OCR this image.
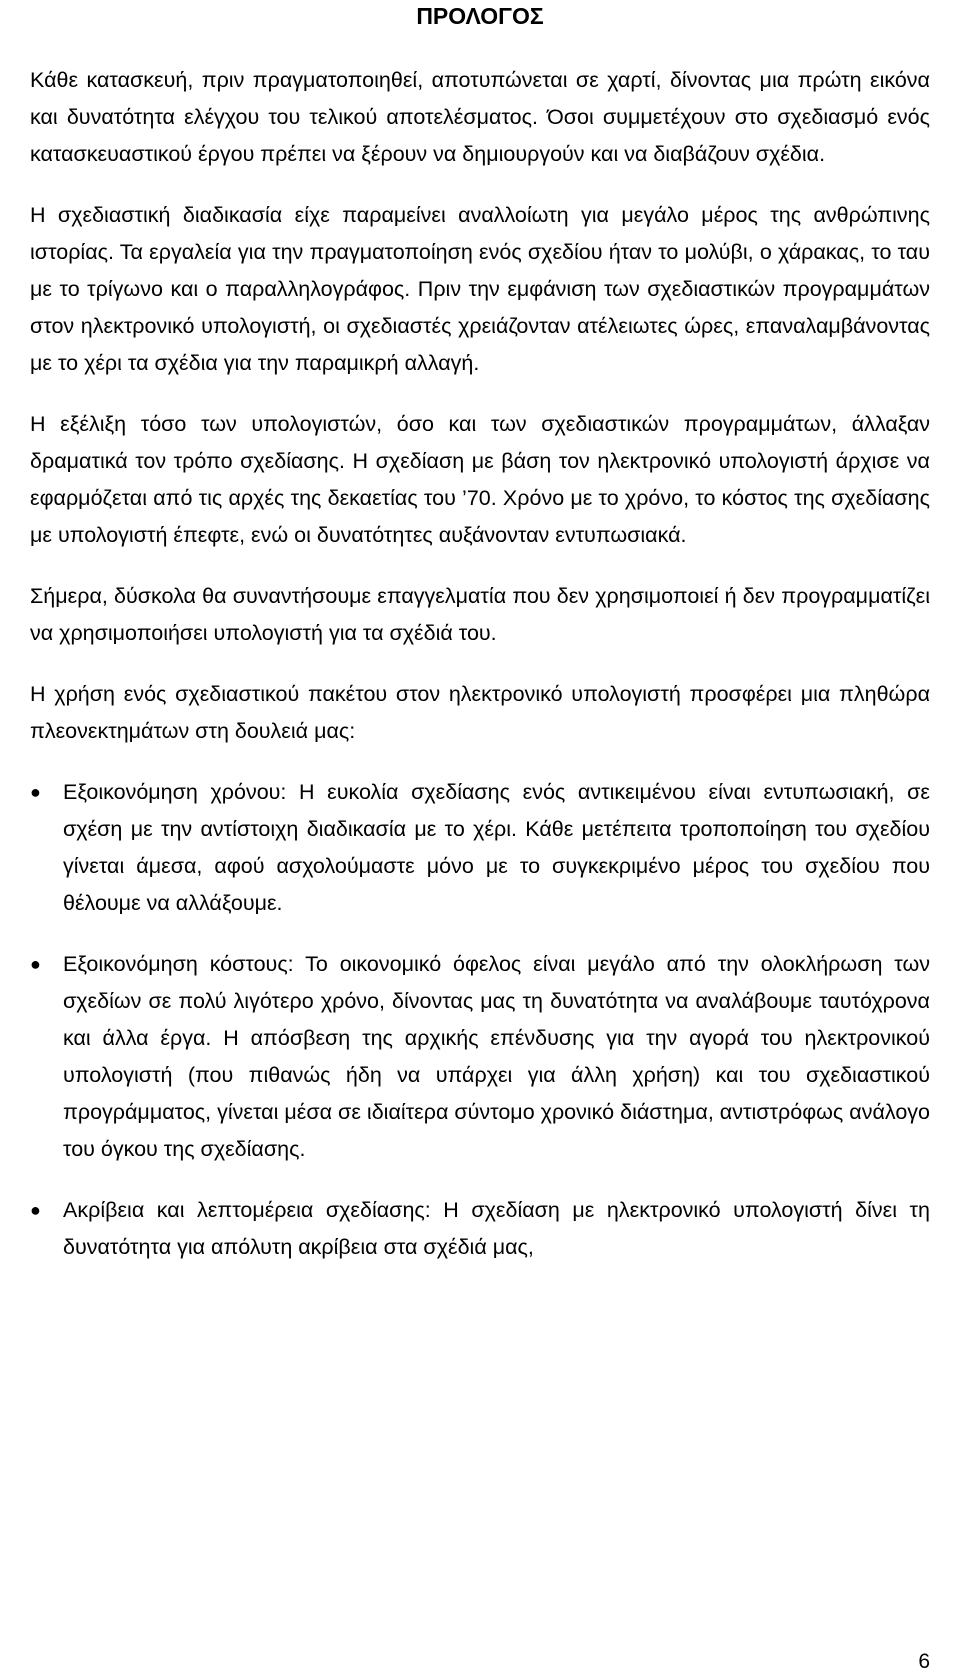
ΠΡΟΛΟΓΟΣ

Κάθε κατασκευή, πριν πραγματοποιηθεί, αποτυπώνεται σε χαρτί, δίνοντας μια πρώτη εικόνα και δυνατότητα ελέγχου του τελικού αποτελέσματος. Όσοι συμμετέχουν στο σχεδιασμό ενός κατασκευαστικού έργου πρέπει να ξέρουν να δημιουργούν και να διαβάζουν σχέδια.

Η σχεδιαστική διαδικασία είχε παραμείνει αναλλοίωτη για μεγάλο μέρος της ανθρώπινης ιστορίας. Τα εργαλεία για την πραγματοποίηση ενός σχεδίου ήταν το μολύβι, ο χάρακας, το ταυ με το τρίγωνο και ο παραλληλογράφος. Πριν την εμφάνιση των σχεδιαστικών προγραμμάτων στον ηλεκτρονικό υπολογιστή, οι σχεδιαστές χρειάζονταν ατέλειωτες ώρες, επαναλαμβάνοντας με το χέρι τα σχέδια για την παραμικρή αλλαγή.

Η εξέλιξη τόσο των υπολογιστών, όσο και των σχεδιαστικών προγραμμάτων, άλλαξαν δραματικά τον τρόπο σχεδίασης. Η σχεδίαση με βάση τον ηλεκτρονικό υπολογιστή άρχισε να εφαρμόζεται από τις αρχές της δεκαετίας του ’70. Χρόνο με το χρόνο, το κόστος της σχεδίασης με υπολογιστή έπεφτε, ενώ οι δυνατότητες αυξάνονταν εντυπωσιακά.

Σήμερα, δύσκολα θα συναντήσουμε επαγγελματία που δεν χρησιμοποιεί ή δεν προγραμματίζει να χρησιμοποιήσει υπολογιστή για τα σχέδιά του.

Η χρήση ενός σχεδιαστικού πακέτου στον ηλεκτρονικό υπολογιστή προσφέρει μια πληθώρα πλεονεκτημάτων στη δουλειά μας:

●	Εξοικονόμηση χρόνου: Η ευκολία σχεδίασης ενός αντικειμένου είναι εντυπωσιακή, σε σχέση με την αντίστοιχη διαδικασία με το χέρι. Κάθε μετέπειτα τροποποίηση του σχεδίου γίνεται άμεσα, αφού ασχολούμαστε μόνο με το συγκεκριμένο μέρος του σχεδίου που θέλουμε να αλλάξουμε.
●	Εξοικονόμηση κόστους: Το οικονομικό όφελος είναι μεγάλο από την ολοκλήρωση των σχεδίων σε πολύ λιγότερο χρόνο, δίνοντας μας τη δυνατότητα να αναλάβουμε ταυτόχρονα και άλλα έργα. Η απόσβεση της αρχικής επένδυσης για την αγορά του ηλεκτρονικού υπολογιστή (που πιθανώς ήδη να υπάρχει για άλλη χρήση) και του σχεδιαστικού προγράμματος, γίνεται μέσα σε ιδιαίτερα σύντομο χρονικό διάστημα, αντιστρόφως ανάλογο του όγκου της σχεδίασης.
●	Ακρίβεια και λεπτομέρεια σχεδίασης: Η σχεδίαση με ηλεκτρονικό υπολογιστή δίνει τη δυνατότητα για απόλυτη ακρίβεια στα σχέδιά μας,
6
